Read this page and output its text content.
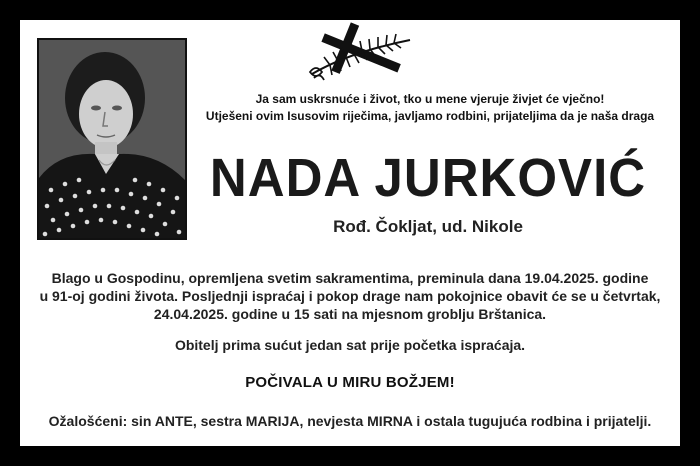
Ja sam uskrsnuće i život, tko u mene vjeruje živjet će vječno!
Utješeni ovim Isusovim riječima, javljamo rodbini, prijateljima da je naša draga
NADA JURKOVIĆ
Rođ. Čokljat, ud. Nikole
Blago u Gospodinu, opremljena svetim sakramentima, preminula dana 19.04.2025. godine
u 91-oj godini života. Posljednji ispraćaj i pokop drage nam pokojnice obavit će se u četvrtak,
24.04.2025. godine u 15 sati na mjesnom groblju Brštanica.
Obitelj prima sućut jedan sat prije početka ispraćaja.
POČIVALA U MIRU BOŽJEM!
Ožalošćeni: sin ANTE, sestra MARIJA, nevjesta MIRNA i ostala tugujuća rodbina i prijatelji.
